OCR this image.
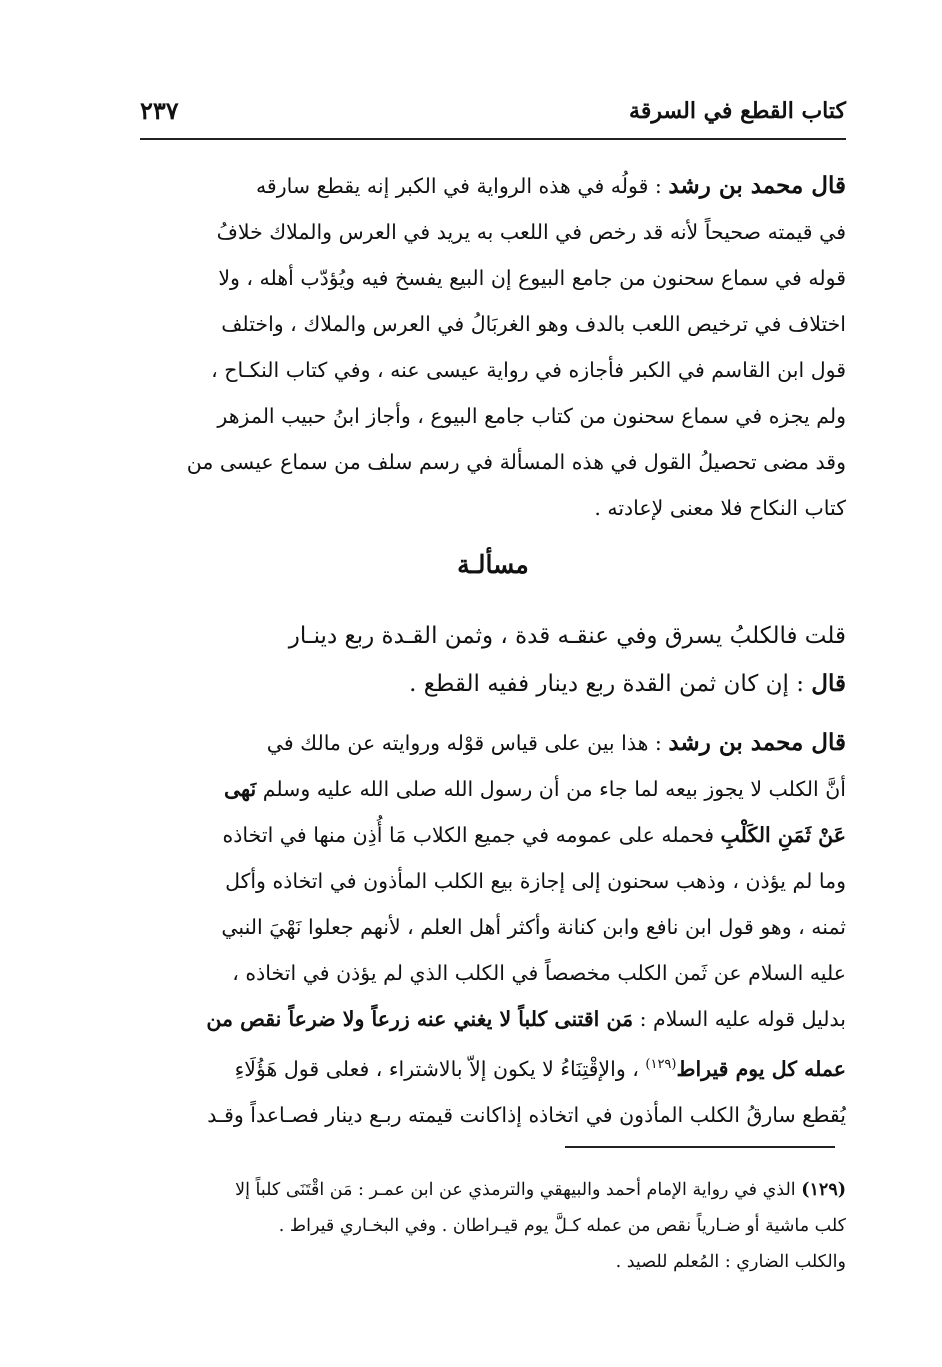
كتاب القطع في السرقة
٢٣٧

قال محمد بن رشد : قولُه في هذه الرواية في الكبر إنه يقطع سارقه
في قيمته صحيحاً لأنه قد رخص في اللعب به يريد في العرس والملاك خلافُ
قوله في سماع سحنون من جامع البيوع إن البيع يفسخ فيه ويُؤدّب أهله ، ولا
اختلاف في ترخيص اللعب بالدف وهو الغربَالُ في العرس والملاك ، واختلف
قول ابن القاسم في الكبر فأجازه في رواية عيسى عنه ، وفي كتاب النكـاح ،
ولم يجزه في سماع سحنون من كتاب جامع البيوع ، وأجاز ابنُ حبيب المزهر
وقد مضى تحصيلُ القول في هذه المسألة في رسم سلف من سماع عيسى من
كتاب النكاح فلا معنى لإعادته .

مسألـة

قلت فالكلبُ يسرق وفي عنقـه قدة ، وثمن القـدة ربع دينـار
قال : إن كان ثمن القدة ربع دينار ففيه القطع .

قال محمد بن رشد : هذا بين على قياس قوْله وروايته عن مالك في
أنَّ الكلب لا يجوز بيعه لما جاء من أن رسول الله صلى الله عليه وسلم نَهى
عَنْ ثَمَنِ الكَلْبِ فحمله على عمومه في جميع الكلاب مَا أُذِن منها في اتخاذه
وما لم يؤذن ، وذهب سحنون إلى إجازة بيع الكلب المأذون في اتخاذه وأكل
ثمنه ، وهو قول ابن نافع وابن كنانة وأكثر أهل العلم ، لأنهم جعلوا نَهْيَ النبي
عليه السلام عن ثَمن الكلب مخصصاً في الكلب الذي لم يؤذن في اتخاذه ،
بدليل قوله عليه السلام : مَن اقتنى كلباً لا يغني عنه زرعاً ولا ضرعاً نقص من
عمله كل يوم قيراط$^{(١٢٩)}$ ، والإقْتِنَاءُ لا يكون إلاّ بالاشتراء ، فعلى قول هَؤُلَاءِ
يُقطع سارقُ الكلب المأذون في اتخاذه إذاكانت قيمته ربـع دينار فصـاعداً وقـد

(١٢٩) الذي في رواية الإمام أحمد والبيهقي والترمذي عن ابن عمـر : مَن اقْتَنَى كلباً إلا
كلب ماشية أو ضـارياً نقص من عمله كـلَّ يوم قيـراطان . وفي البخـاري قيراط .
والكلب الضاري : المُعلم للصيد .
